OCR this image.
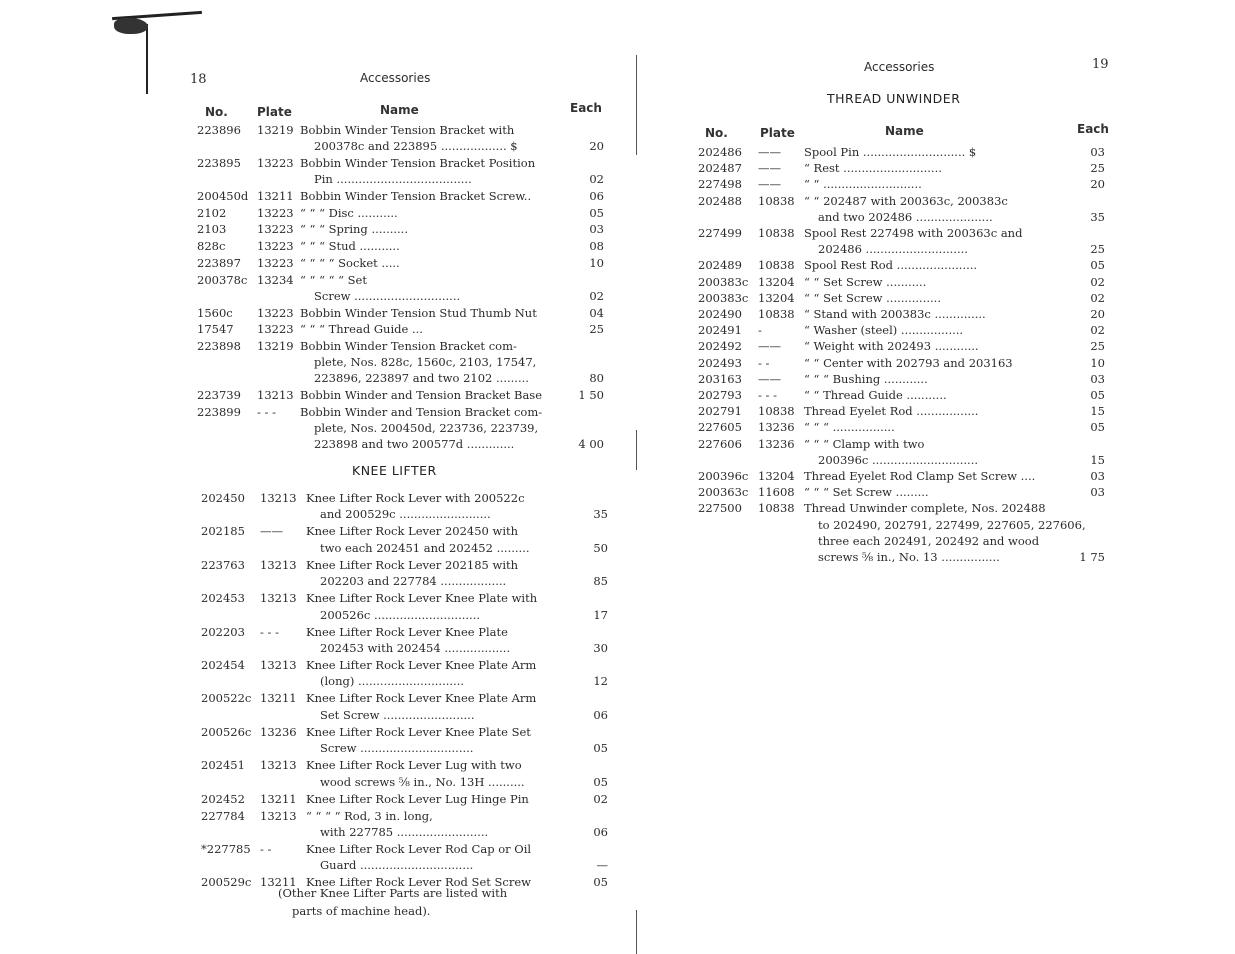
18	Accessories
No. Plate	Name	Each
223896 13219 Bobbin Winder Tension Bracket with
200378c and 223895 .................. $	20
223895 13223 Bobbin Winder Tension Bracket Position
Pin .....................................	02
200450d 13211 Bobbin Winder Tension Bracket Screw..	06
2102	13223 “ “ “ Disc ...........	05
2103	13223 “ “ “ Spring ..........	03
828c	13223 “ “ “ Stud ...........	08
223897 13223 “ “ “ “ Socket .....	10
200378c 13234 “ “ “ “ “ Set
Screw .............................	02
1560c 13223 Bobbin Winder Tension Stud Thumb Nut	04
17547 13223 “ “ “ Thread Guide ...	25
223898 13219 Bobbin Winder Tension Bracket com-
plete, Nos. 828c, 1560c, 2103, 17547,
223896, 223897 and two 2102 .........	80
223739 13213 Bobbin Winder and Tension Bracket Base	1 50
223899 - - - Bobbin Winder and Tension Bracket com-
plete, Nos. 200450d, 223736, 223739,
223898 and two 200577d .............	4 00
KNEE LIFTER
202450 13213 Knee Lifter Rock Lever with 200522c
and 200529c .........................	35
202185 —— Knee Lifter Rock Lever 202450 with
two each 202451 and 202452 .........	50
223763 13213 Knee Lifter Rock Lever 202185 with
202203 and 227784 ..................	85
202453 13213 Knee Lifter Rock Lever Knee Plate with
200526c .............................	17
202203 - - - Knee Lifter Rock Lever Knee Plate
202453 with 202454 ..................	30
202454 13213 Knee Lifter Rock Lever Knee Plate Arm
(long) .............................	12
200522c 13211 Knee Lifter Rock Lever Knee Plate Arm
Set Screw .........................	06
200526c 13236 Knee Lifter Rock Lever Knee Plate Set
Screw ...............................	05
202451 13213 Knee Lifter Rock Lever Lug with two
wood screws ⅝ in., No. 13H ..........	05
202452 13211 Knee Lifter Rock Lever Lug Hinge Pin	02
227784 13213 “ “ “ “ Rod, 3 in. long,
with 227785 .........................	06
*227785 - -	Knee Lifter Rock Lever Rod Cap or Oil
Guard ...............................	—
200529c 13211 Knee Lifter Rock Lever Rod Set Screw	05
(Other Knee Lifter Parts are listed with
parts of machine head).
Accessories	19
THREAD UNWINDER
No.	Plate	Name	Each
202486 —— Spool Pin ............................ $	03
202487 —— “ Rest ...........................	25
227498 —— “ “ ...........................	20
202488 10838 “ “ 202487 with 200363c, 200383c
and two 202486 .....................	35
227499 10838 Spool Rest 227498 with 200363c and
202486 ............................	25
202489 10838 Spool Rest Rod ......................	05
200383c 13204 “ “ Set Screw ...........	02
200383c 13204 “ “ Set Screw ...............	02
202490 10838 “ Stand with 200383c ..............	20
202491 -	“ Washer (steel) .................	02
202492 —— “ Weight with 202493 ............	25
202493 - -	“ “ Center with 202793 and 203163	10
203163 —— “ “ “ Bushing ............	03
202793 - - - “ “ Thread Guide ...........	05
202791 10838 Thread Eyelet Rod .................	15
227605 13236 “ “ “ .................	05
227606 13236 “ “ “ Clamp with two
200396c .............................	15
200396c 13204 Thread Eyelet Rod Clamp Set Screw ....	03
200363c 11608 “ “ “ Set Screw .........	03
227500 10838 Thread Unwinder complete, Nos. 202488
to 202490, 202791, 227499, 227605, 227606,
three each 202491, 202492 and wood
screws ⅝ in., No. 13 ................	1 75
